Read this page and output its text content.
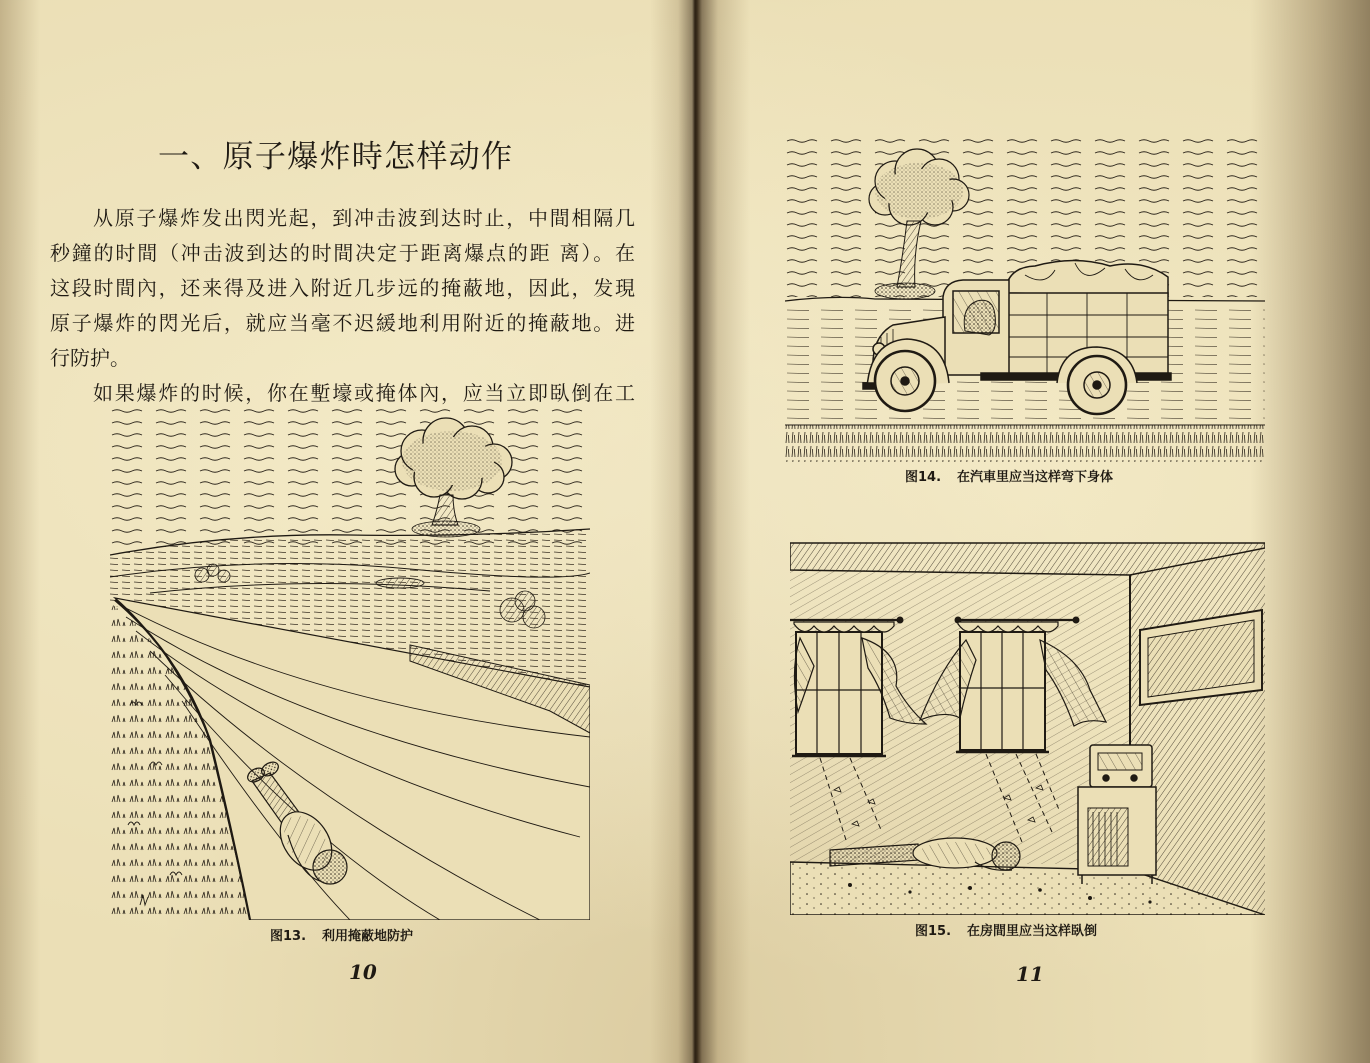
一、原子爆炸時怎样动作
从原子爆炸发出閃光起，到冲击波到达时止，中間相隔几
秒鐘的时間（冲击波到达的时間决定于距离爆点的距 离）。在
这段时間內，还来得及进入附近几步远的掩蔽地，因此，发現
原子爆炸的閃光后，就应当毫不迟緩地利用附近的掩蔽地。进
行防护。
如果爆炸的时候，你在塹壕或掩体內，应当立即臥倒在工
图13. 利用掩蔽地防护
10
图14. 在汽車里应当这样弯下身体
图15. 在房間里应当这样臥倒
11
